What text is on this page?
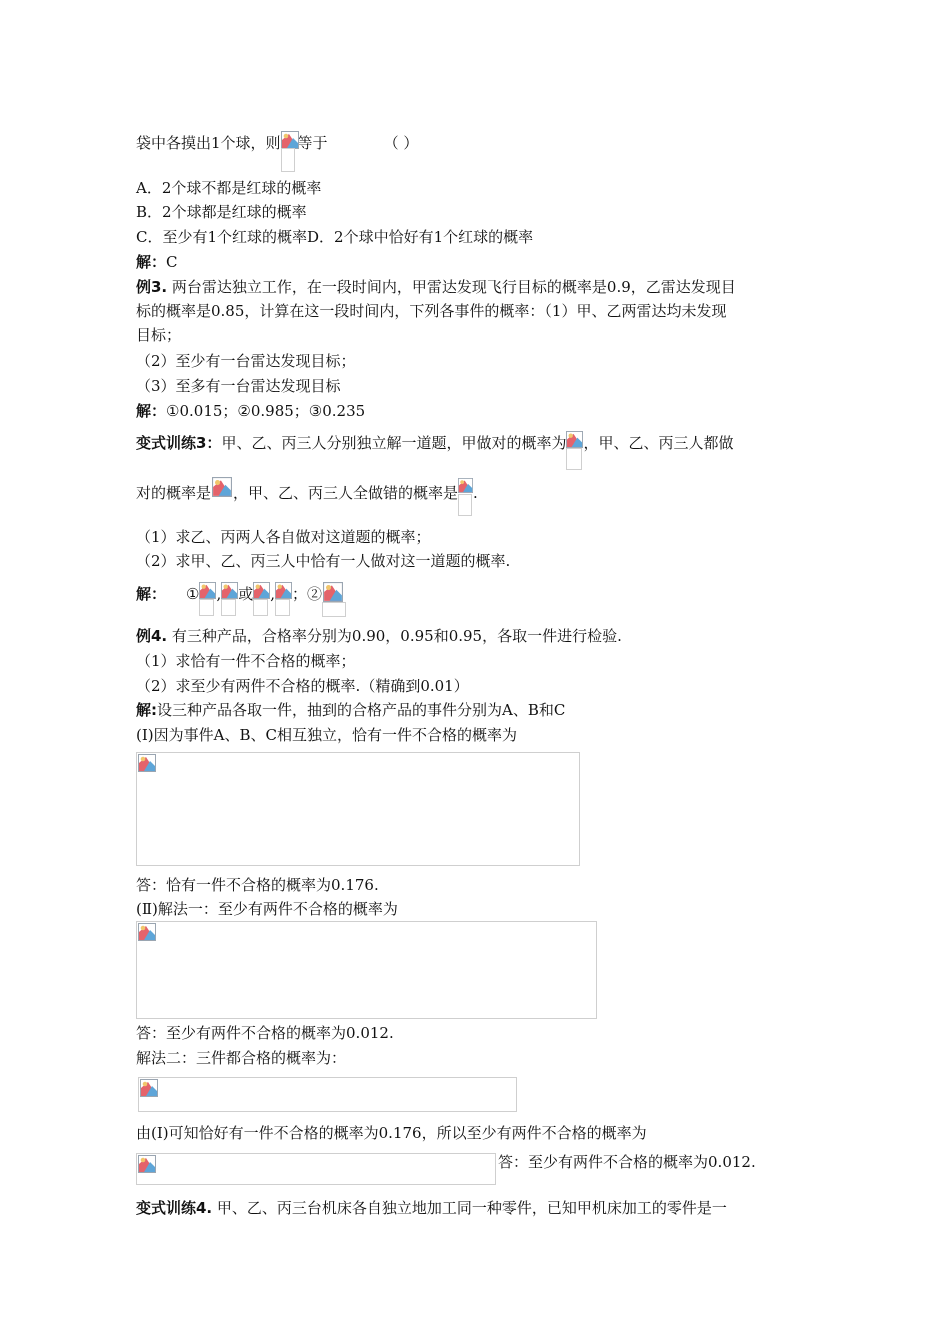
袋中各摸出1个球，则 等于	（ ）
A．2个球不都是红球的概率
B．2个球都是红球的概率
C．至少有1个红球的概率D．2个球中恰好有1个红球的概率
解：C
例3. 两台雷达独立工作，在一段时间内，甲雷达发现飞行目标的概率是0.9，乙雷达发现目
标的概率是0.85，计算在这一段时间内，下列各事件的概率：（1）甲、乙两雷达均未发现
目标；
（2）至少有一台雷达发现目标；
（3）至多有一台雷达发现目标
解：①0.015；②0.985；③0.235
变式训练3：甲、乙、丙三人分别独立解一道题，甲做对的概率为 ，甲、乙、丙三人都做
对的概率是 ，甲、乙、丙三人全做错的概率是 .
（1）求乙、丙两人各自做对这道题的概率；
（2）求甲、乙、丙三人中恰有一人做对这一道题的概率.
解： ① , 或 , ；②
例4. 有三种产品，合格率分别为0.90，0.95和0.95，各取一件进行检验.
（1）求恰有一件不合格的概率；
（2）求至少有两件不合格的概率.（精确到0.01）
解:设三种产品各取一件，抽到的合格产品的事件分别为A、B和C
(Ⅰ)因为事件A、B、C相互独立，恰有一件不合格的概率为
答：恰有一件不合格的概率为0.176.
(Ⅱ)解法一：至少有两件不合格的概率为
答：至少有两件不合格的概率为0.012.
解法二：三件都合格的概率为：
由(Ⅰ)可知恰好有一件不合格的概率为0.176，所以至少有两件不合格的概率为
答：至少有两件不合格的概率为0.012.
变式训练4. 甲、乙、丙三台机床各自独立地加工同一种零件，已知甲机床加工的零件是一
